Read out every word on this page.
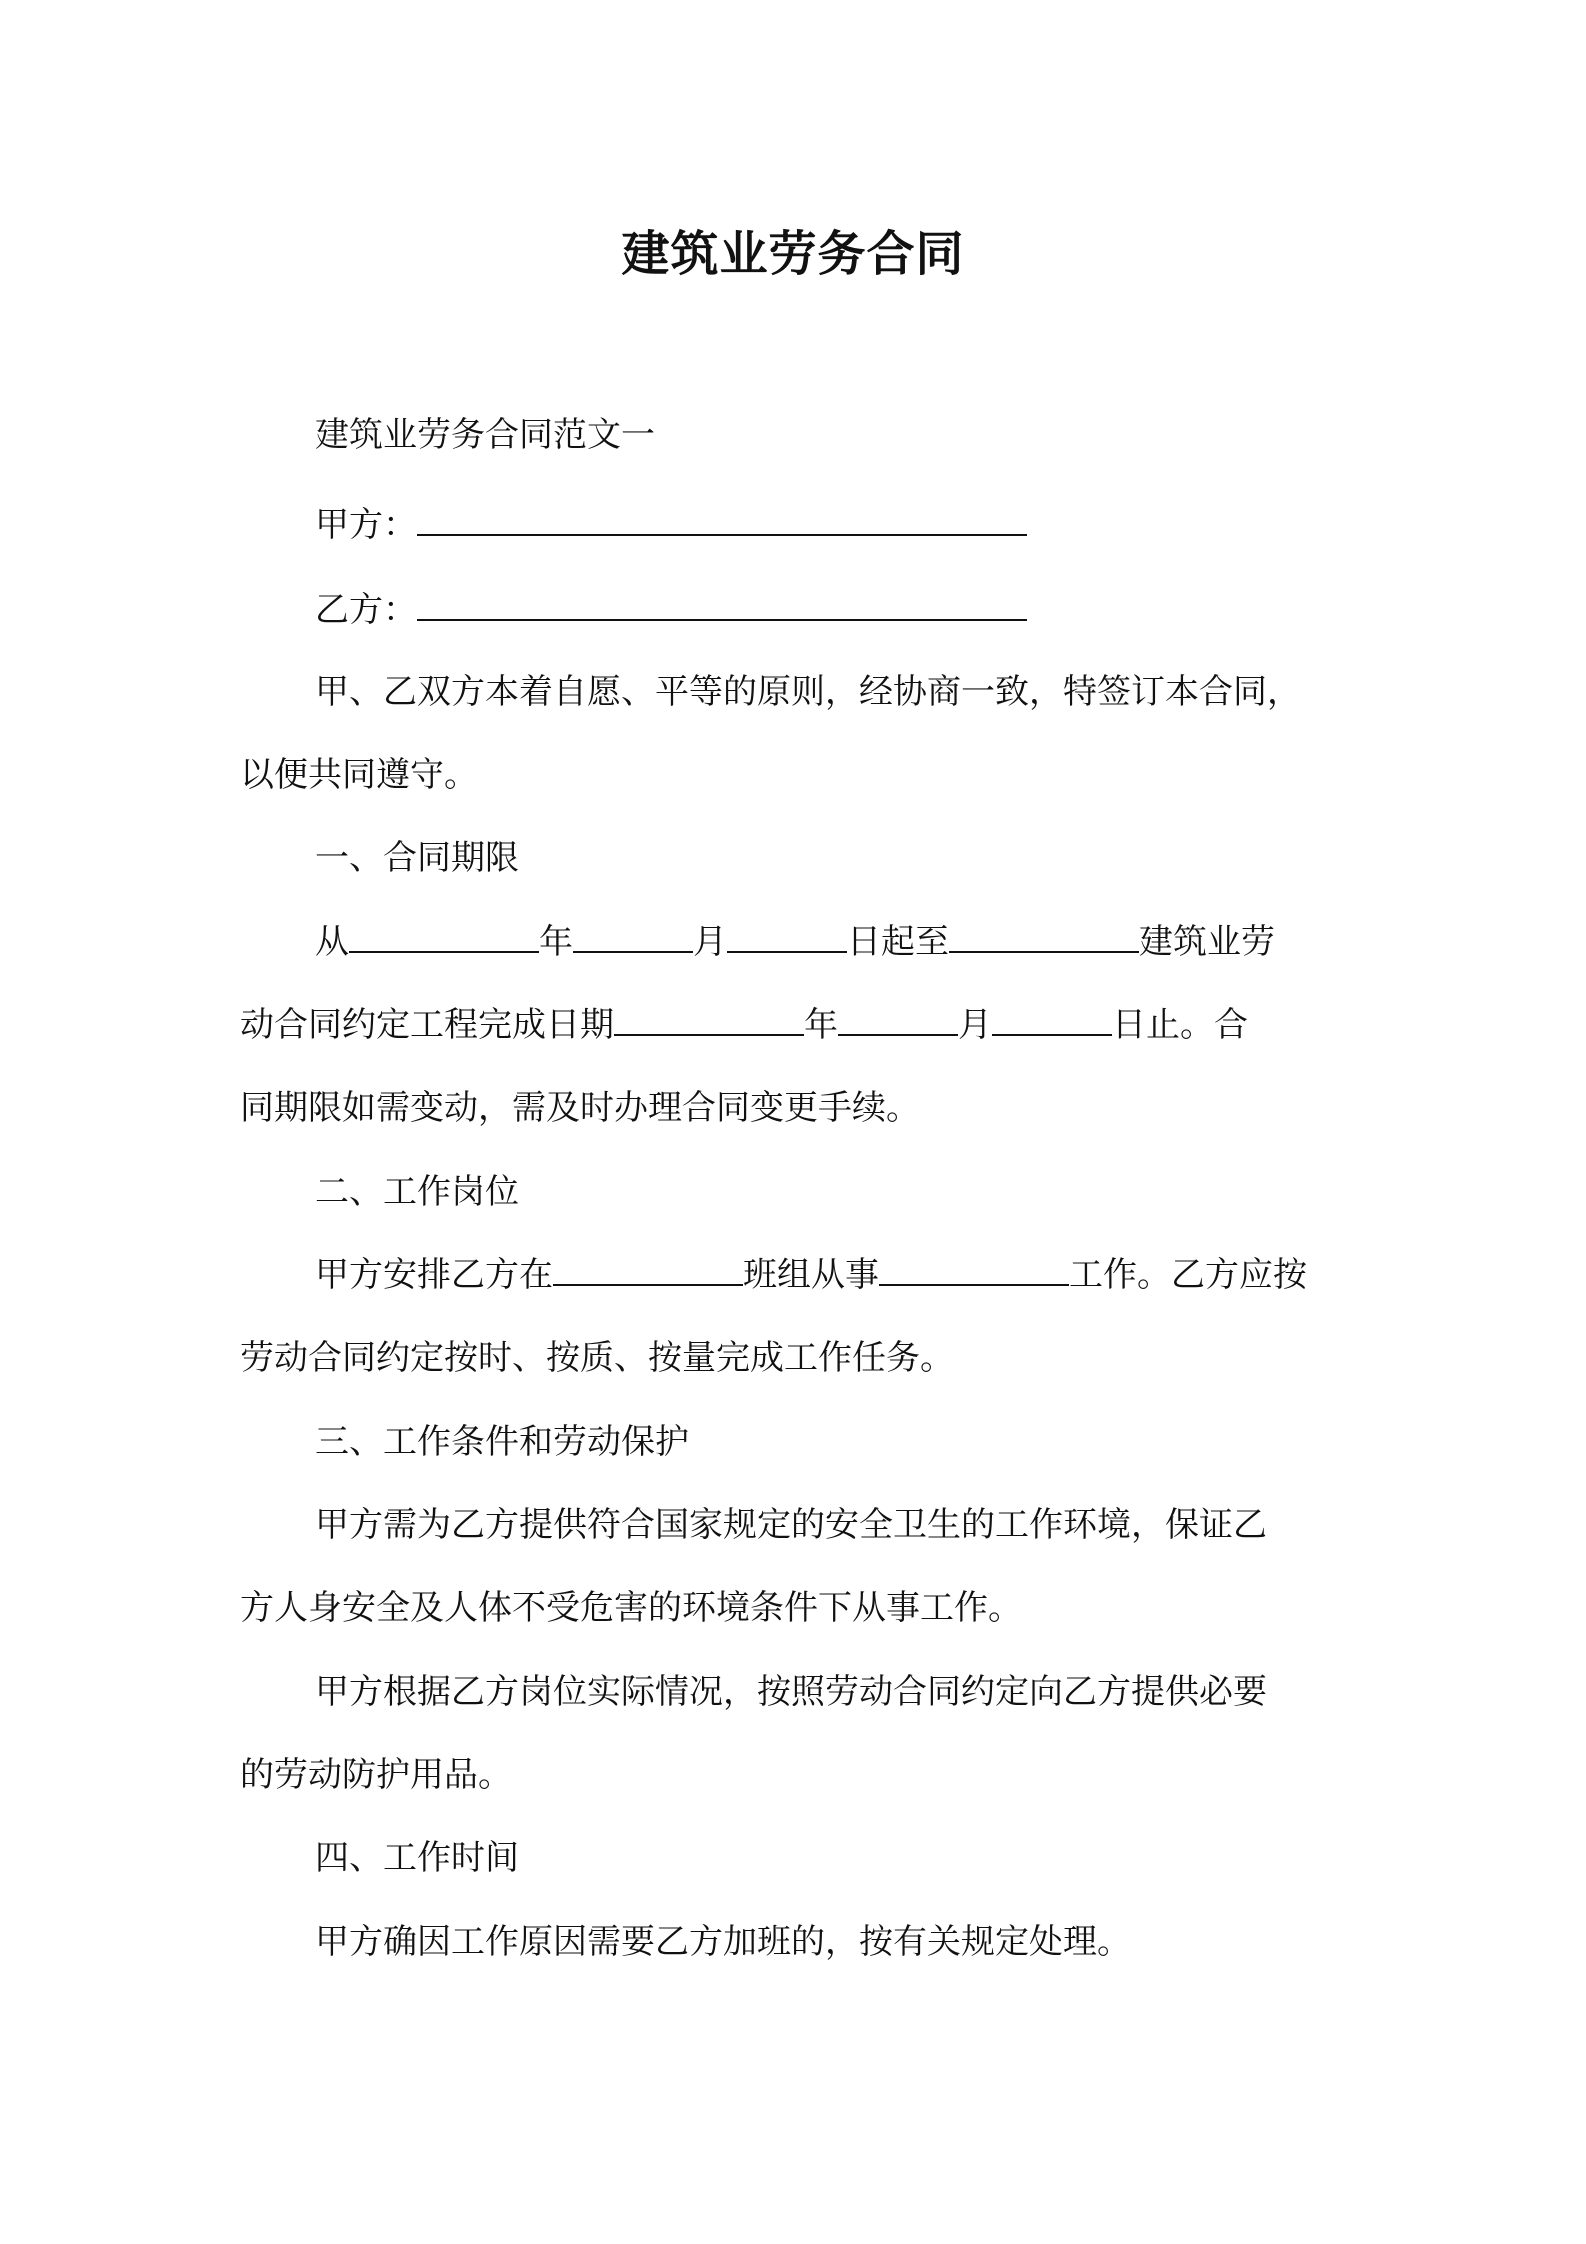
建筑业劳务合同
建筑业劳务合同范文一
甲方：
乙方：
甲、乙双方本着自愿、平等的原则，经协商一致，特签订本合同，
以便共同遵守。
一、合同期限
从	年	月	日起至	建筑业劳
动合同约定工程完成日期	年	月	日止。合
同期限如需变动，需及时办理合同变更手续。
二、工作岗位
甲方安排乙方在	班组从事	工作。乙方应按
劳动合同约定按时、按质、按量完成工作任务。
三、工作条件和劳动保护
甲方需为乙方提供符合国家规定的安全卫生的工作环境，保证乙
方人身安全及人体不受危害的环境条件下从事工作。
甲方根据乙方岗位实际情况，按照劳动合同约定向乙方提供必要
的劳动防护用品。
四、工作时间
甲方确因工作原因需要乙方加班的，按有关规定处理。
